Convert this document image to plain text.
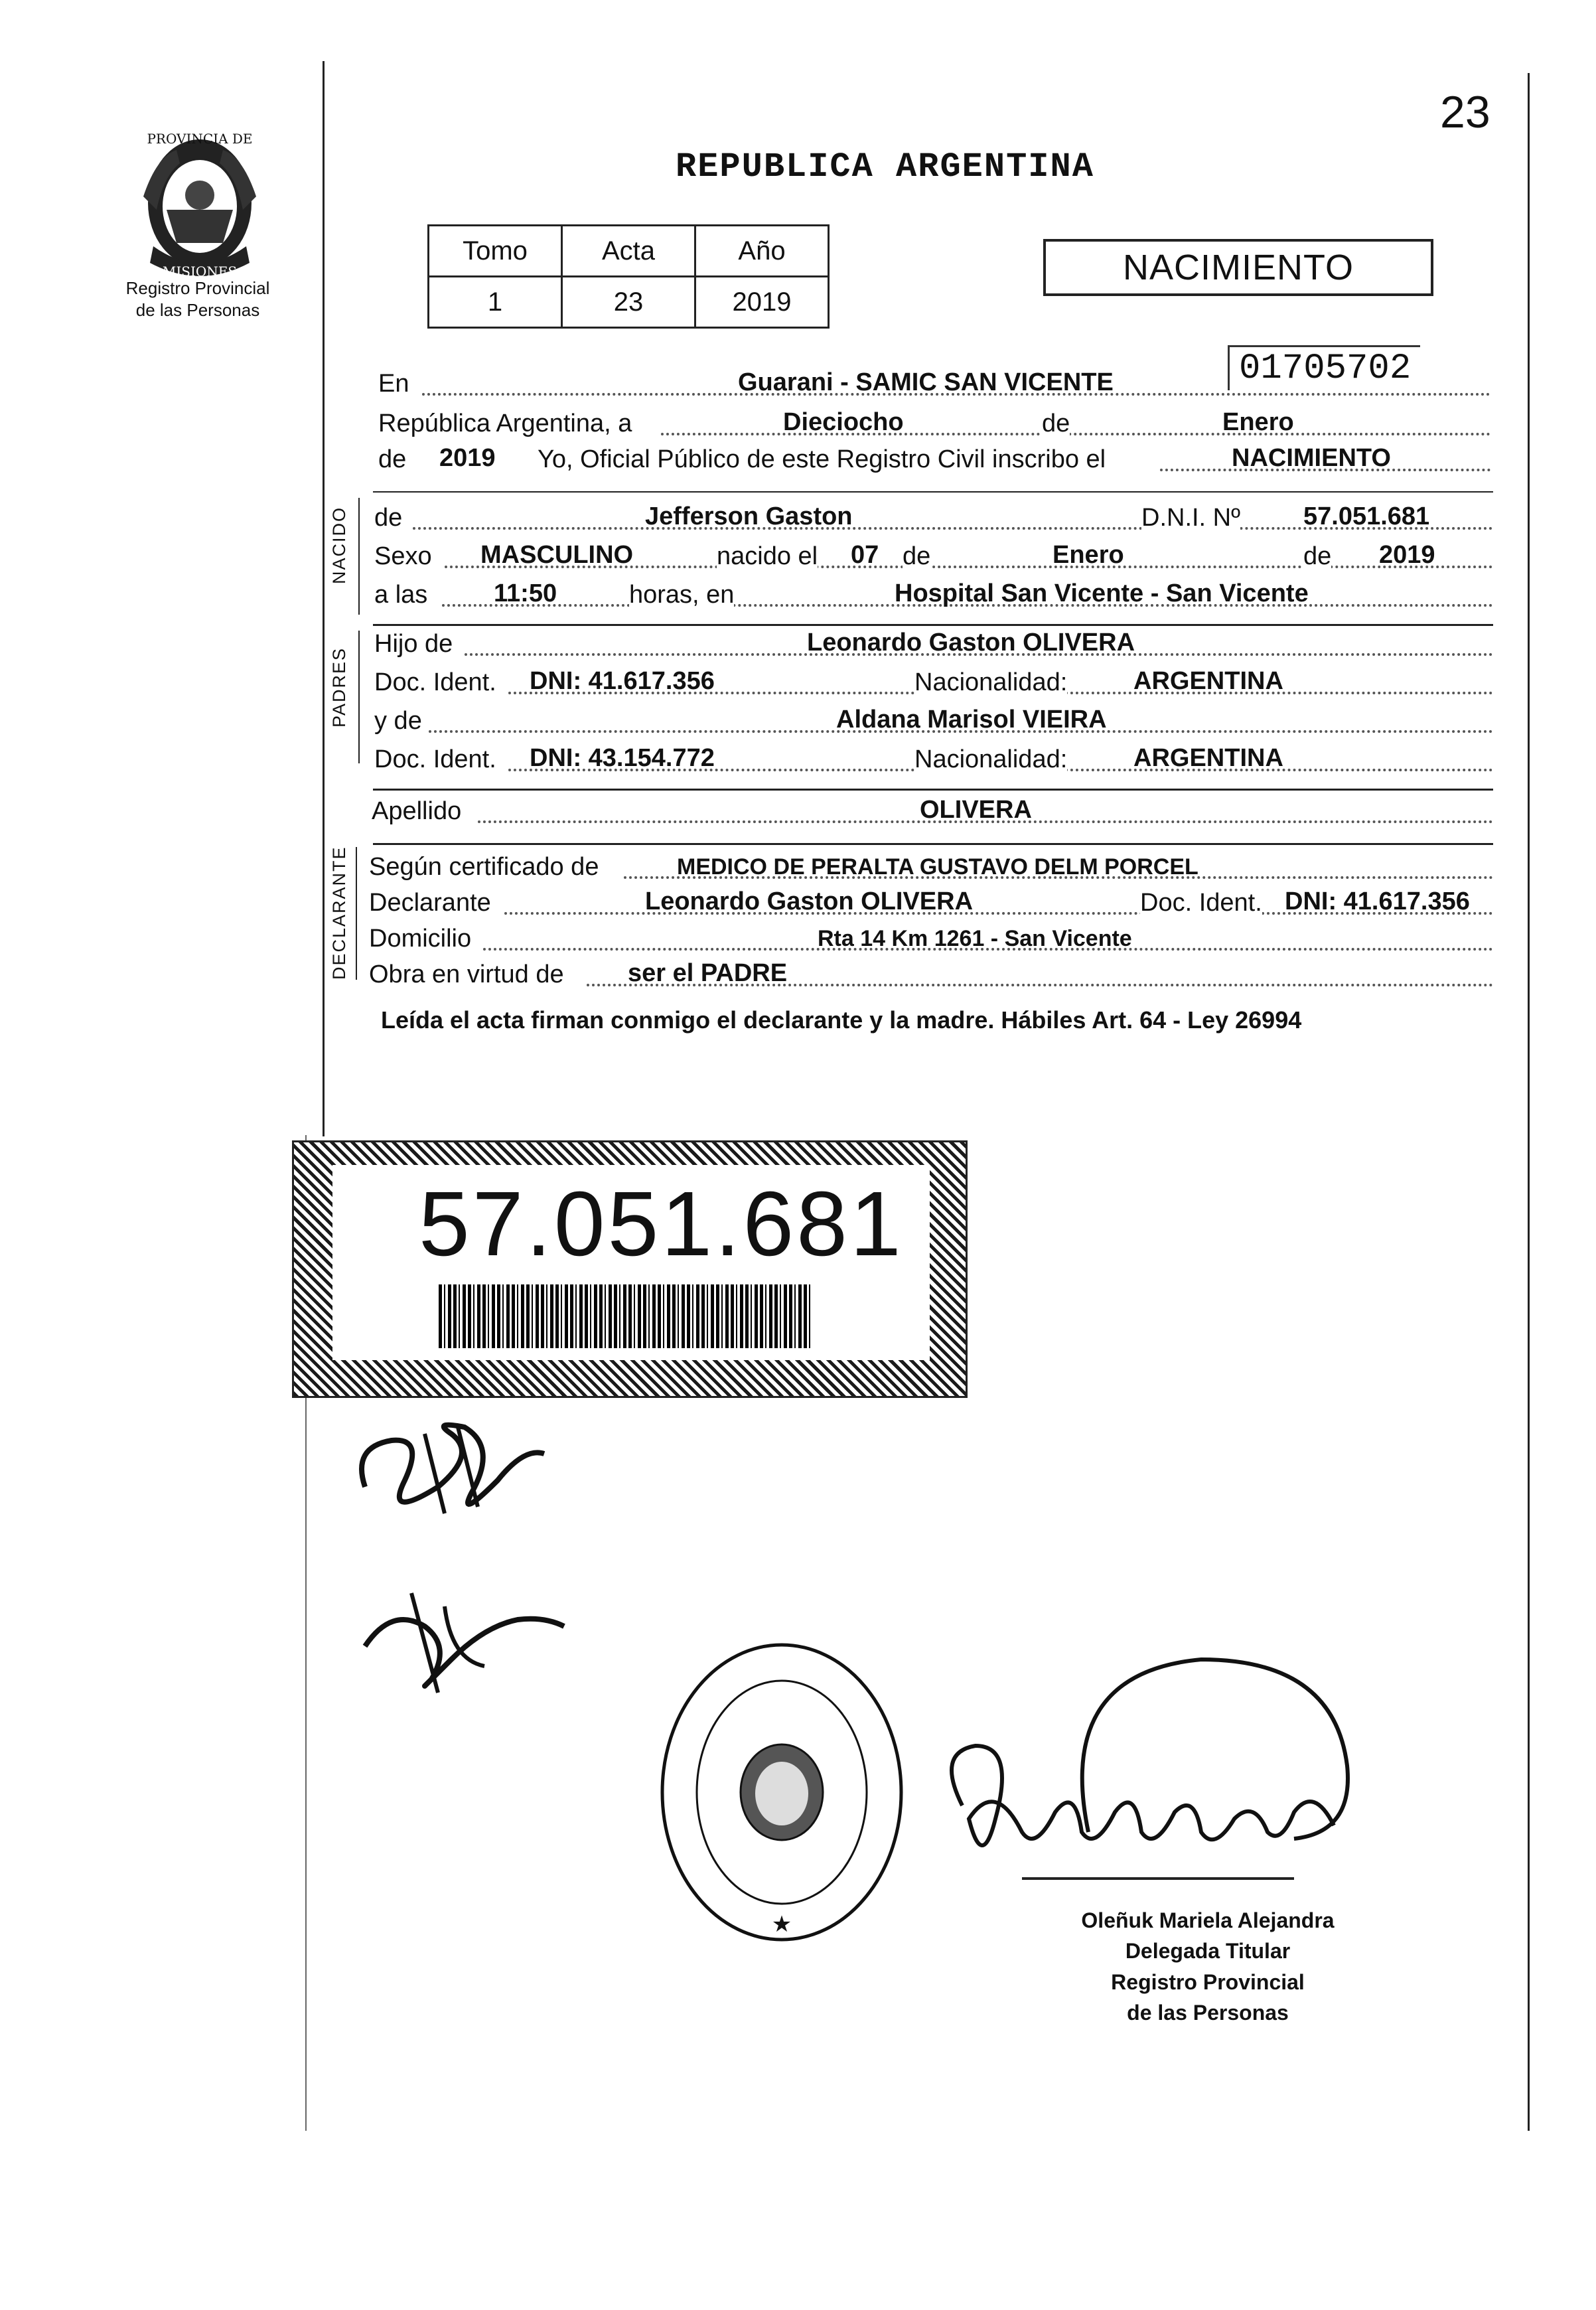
PROVINCIA DE
MISIONES
Registro Provincial
de las Personas
23
REPUBLICA ARGENTINA
Tomo	Acta	Año
1	23	2019
NACIMIENTO
01705702
En	Guarani - SAMIC SAN VICENTE
República Argentina, a	Dieciocho	de	Enero
de 2019 Yo, Oficial Público de este Registro Civil inscribo el	NACIMIENTO
NACIDO de	Jefferson Gaston	D.N.I. Nº	57.051.681
Sexo MASCULINO	nacido el 07 de	Enero	de 2019
a las	11:50	horas, en	Hospital San Vicente - San Vicente
PADRES
Hijo de	Leonardo Gaston OLIVERA
Doc. Ident. DNI: 41.617.356	Nacionalidad:	ARGENTINA
y de	Aldana Marisol VIEIRA
Doc. Ident. DNI: 43.154.772	Nacionalidad:	ARGENTINA
Apellido	OLIVERA
DECLARANTE Según certificado de	MEDICO DE PERALTA GUSTAVO DELM PORCEL
Declarante	Leonardo Gaston OLIVERA	Doc. Ident. DNI: 41.617.356
Domicilio	Rta 14 Km 1261 - San Vicente
Obra en virtud de	ser el PADRE
Leída el acta firman conmigo el declarante y la madre. Hábiles Art. 64 - Ley 26994
57.051.681
★	Oleñuk Mariela Alejandra
Delegada Titular
Registro Provincial
de las Personas
